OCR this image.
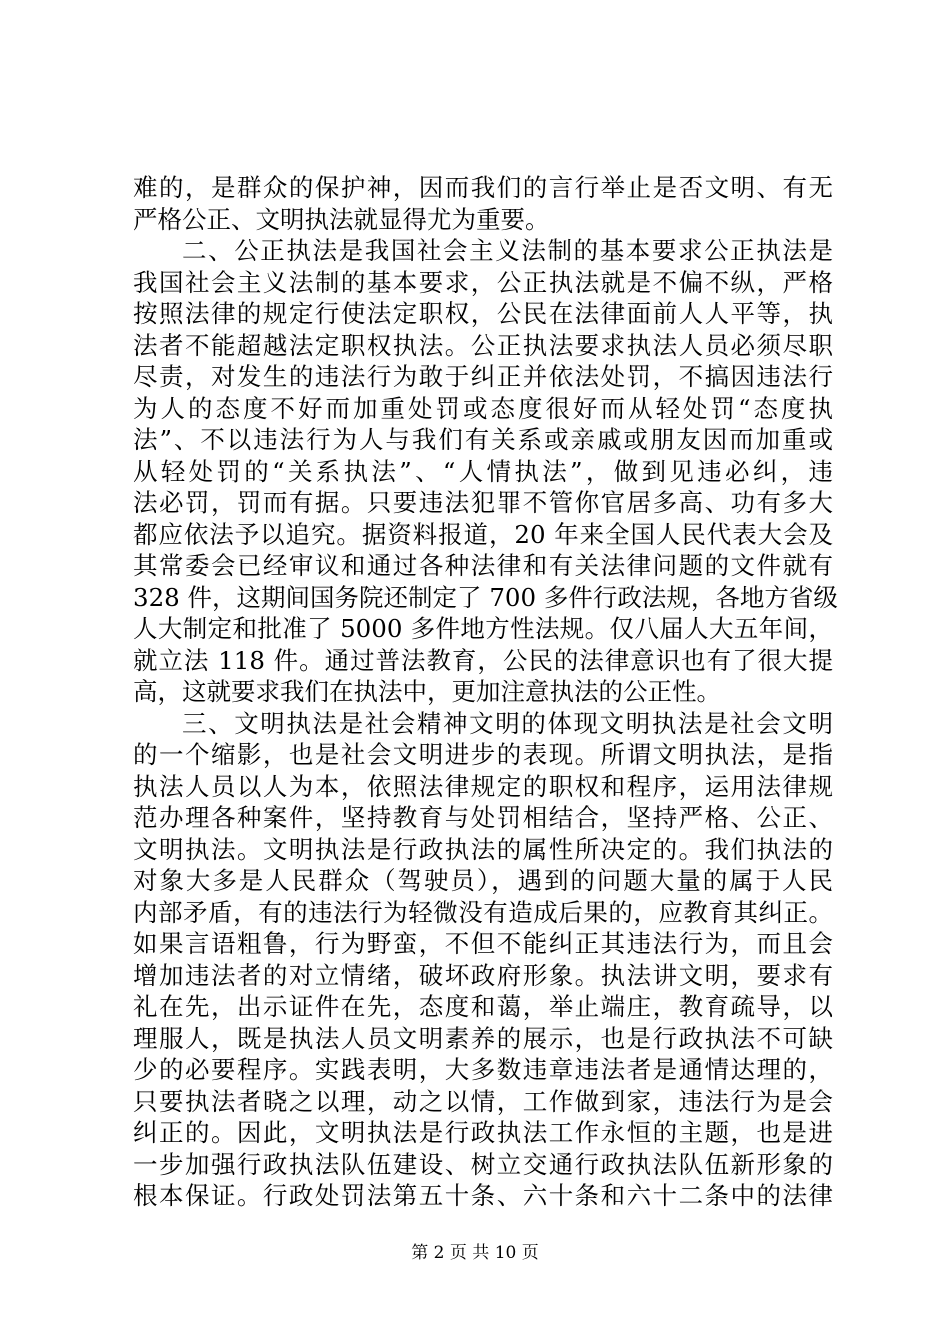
难的，是群众的保护神，因而我们的言行举止是否文明、有无
严格公正、文明执法就显得尤为重要。
二、公正执法是我国社会主义法制的基本要求公正执法是
我国社会主义法制的基本要求，公正执法就是不偏不纵，严格
按照法律的规定行使法定职权，公民在法律面前人人平等，执
法者不能超越法定职权执法。公正执法要求执法人员必须尽职
尽责，对发生的违法行为敢于纠正并依法处罚，不搞因违法行
为人的态度不好而加重处罚或态度很好而从轻处罚“态度执
法”、不以违法行为人与我们有关系或亲戚或朋友因而加重或
从轻处罚的“关系执法”、“人情执法”，做到见违必纠，违
法必罚，罚而有据。只要违法犯罪不管你官居多高、功有多大
都应依法予以追究。据资料报道，20 年来全国人民代表大会及
其常委会已经审议和通过各种法律和有关法律问题的文件就有
328 件，这期间国务院还制定了 700 多件行政法规，各地方省级
人大制定和批准了 5000 多件地方性法规。仅八届人大五年间，
就立法 118 件。通过普法教育，公民的法律意识也有了很大提
高，这就要求我们在执法中，更加注意执法的公正性。
三、文明执法是社会精神文明的体现文明执法是社会文明
的一个缩影，也是社会文明进步的表现。所谓文明执法，是指
执法人员以人为本，依照法律规定的职权和程序，运用法律规
范办理各种案件，坚持教育与处罚相结合，坚持严格、公正、
文明执法。文明执法是行政执法的属性所决定的。我们执法的
对象大多是人民群众（驾驶员），遇到的问题大量的属于人民
内部矛盾，有的违法行为轻微没有造成后果的，应教育其纠正。
如果言语粗鲁，行为野蛮，不但不能纠正其违法行为，而且会
增加违法者的对立情绪，破坏政府形象。执法讲文明，要求有
礼在先，出示证件在先，态度和蔼，举止端庄，教育疏导，以
理服人，既是执法人员文明素养的展示，也是行政执法不可缺
少的必要程序。实践表明，大多数违章违法者是通情达理的，
只要执法者晓之以理，动之以情，工作做到家，违法行为是会
纠正的。因此，文明执法是行政执法工作永恒的主题，也是进
一步加强行政执法队伍建设、树立交通行政执法队伍新形象的
根本保证。行政处罚法第五十条、六十条和六十二条中的法律
第 2 页 共 10 页
